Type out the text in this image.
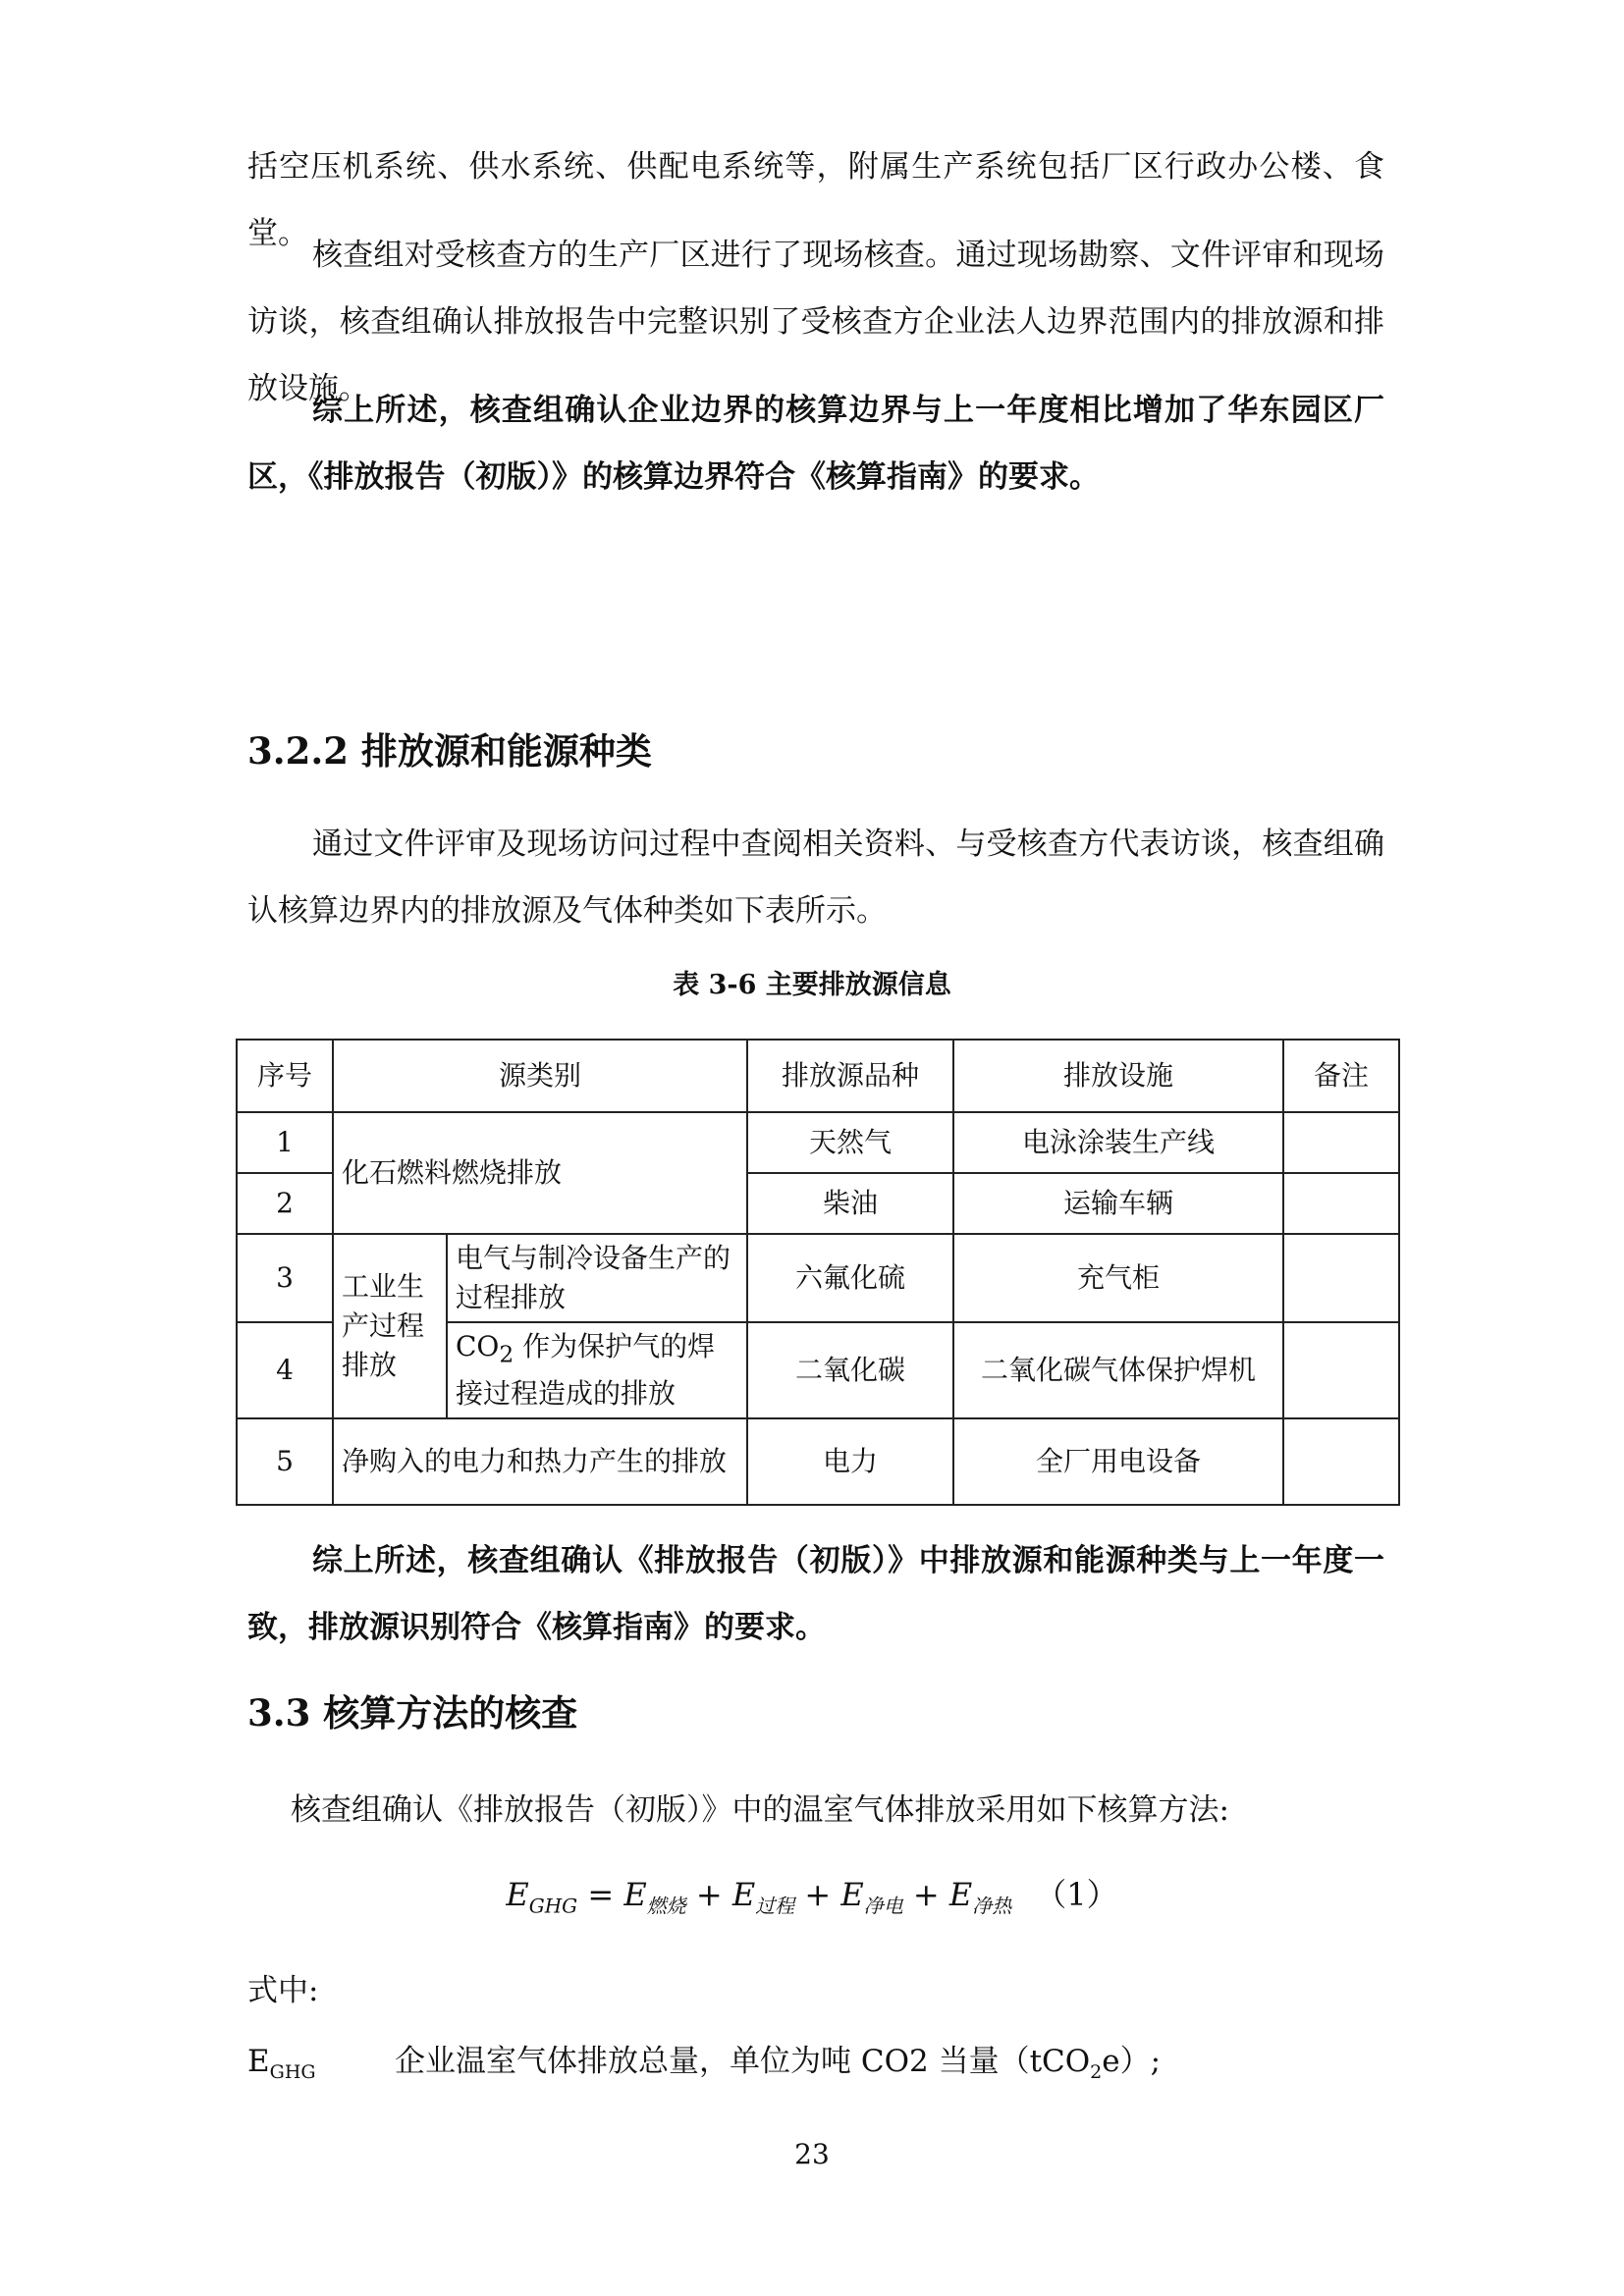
括空压机系统、供水系统、供配电系统等，附属生产系统包括厂区行政办公楼、食堂。

核查组对受核查方的生产厂区进行了现场核查。通过现场勘察、文件评审和现场访谈，核查组确认排放报告中完整识别了受核查方企业法人边界范围内的排放源和排放设施。

综上所述，核查组确认企业边界的核算边界与上一年度相比增加了华东园区厂区，《排放报告（初版）》的核算边界符合《核算指南》的要求。

3.2.2 排放源和能源种类

通过文件评审及现场访问过程中查阅相关资料、与受核查方代表访谈，核查组确认核算边界内的排放源及气体种类如下表所示。

表 3-6 主要排放源信息
序号	源类别		排放源品种	排放设施	备注
1	化石燃料燃烧排放		天然气	电泳涂装生产线	
2			柴油	运输车辆	
3	工业生产过程排放	电气与制冷设备生产的过程排放	六氟化硫	充气柜	
4		$CO_2$ 作为保护气的焊接过程造成的排放	二氧化碳	二氧化碳气体保护焊机	
5	净购入的电力和热力产生的排放		电力	全厂用电设备	

综上所述，核查组确认《排放报告（初版）》中排放源和能源种类与上一年度一致，排放源识别符合《核算指南》的要求。

3.3 核算方法的核查

核查组确认《排放报告（初版）》中的温室气体排放采用如下核算方法:

$E_{GHG} = E_{燃烧} + E_{过程} + E_{净电} + E_{净热}$ （1）

式中:

$E_{GHG}$	企业温室气体排放总量，单位为吨 CO2 当量（tCO$_2$e）;
23
